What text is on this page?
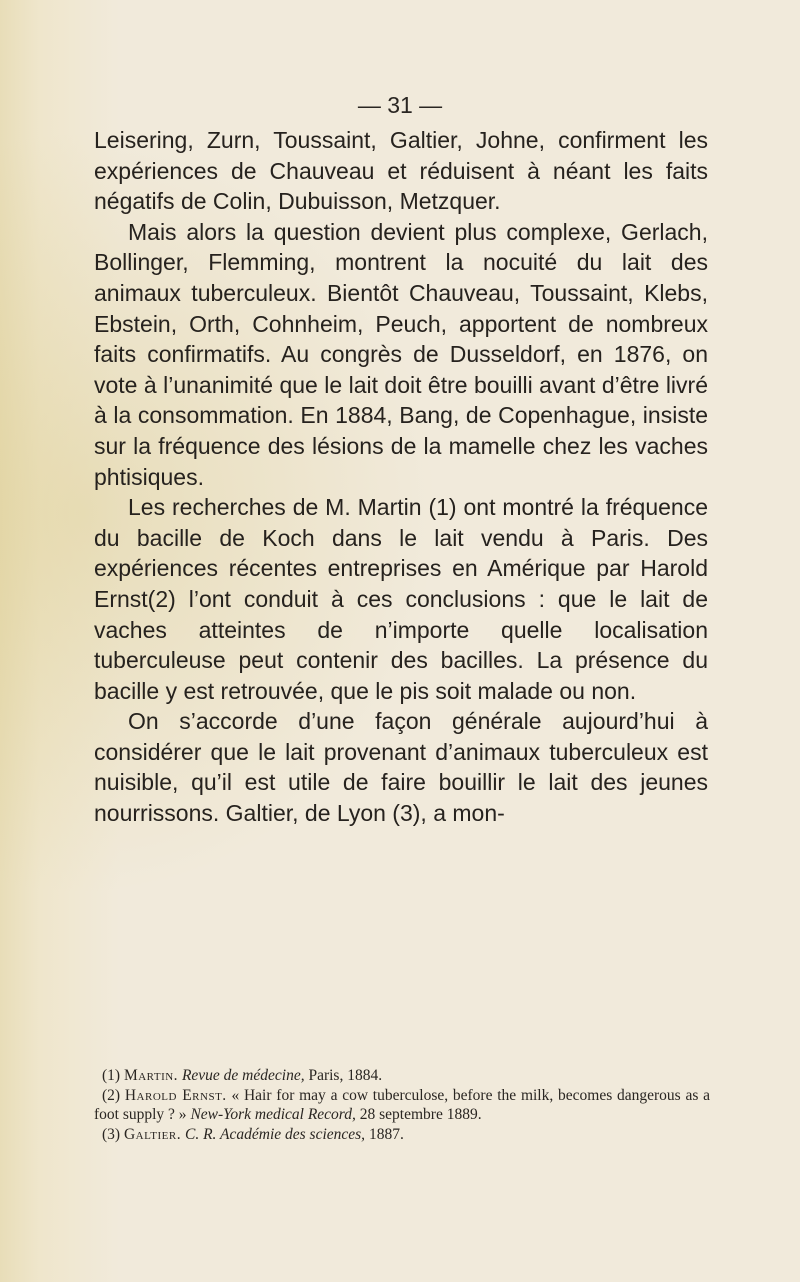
— 31 —

Leisering, Zurn, Toussaint, Galtier, Johne, confirment les expériences de Chauveau et réduisent à néant les faits négatifs de Colin, Dubuisson, Metzquer.

Mais alors la question devient plus complexe, Gerlach, Bollinger, Flemming, montrent la nocuité du lait des animaux tuberculeux. Bientôt Chauveau, Toussaint, Klebs, Ebstein, Orth, Cohnheim, Peuch, apportent de nombreux faits confirmatifs. Au congrès de Dusseldorf, en 1876, on vote à l’unanimité que le lait doit être bouilli avant d’être livré à la consommation. En 1884, Bang, de Copenhague, insiste sur la fréquence des lésions de la mamelle chez les vaches phtisiques.

Les recherches de M. Martin (1) ont montré la fréquence du bacille de Koch dans le lait vendu à Paris. Des expériences récentes entreprises en Amérique par Harold Ernst(2) l’ont conduit à ces conclusions : que le lait de vaches atteintes de n’importe quelle localisation tuberculeuse peut contenir des bacilles. La présence du bacille y est retrouvée, que le pis soit malade ou non.

On s’accorde d’une façon générale aujourd’hui à considérer que le lait provenant d’animaux tuberculeux est nuisible, qu’il est utile de faire bouillir le lait des jeunes nourrissons. Galtier, de Lyon (3), a mon-

(1) Martin. Revue de médecine, Paris, 1884.

(2) Harold Ernst. « Hair for may a cow tuberculose, before the milk, becomes dangerous as a foot supply ? » New-York medical Record, 28 septembre 1889.

(3) Galtier. C. R. Académie des sciences, 1887.
